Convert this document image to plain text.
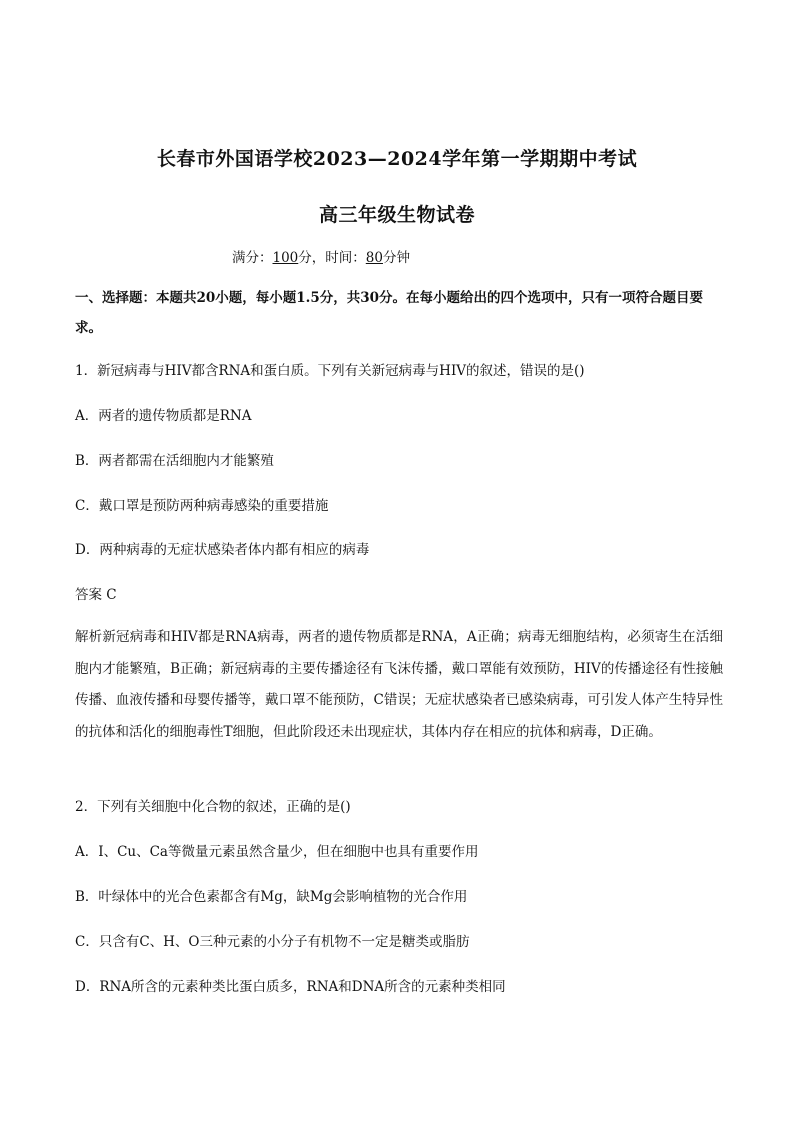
长春市外国语学校2023—2024学年第一学期期中考试
高三年级生物试卷
满分：100分，时间：80分钟
一、选择题：本题共20小题，每小题1.5分，共30分。在每小题给出的四个选项中，只有一项符合题目要求。
1．新冠病毒与HIV都含RNA和蛋白质。下列有关新冠病毒与HIV的叙述，错误的是()
A．两者的遗传物质都是RNA
B．两者都需在活细胞内才能繁殖
C．戴口罩是预防两种病毒感染的重要措施
D．两种病毒的无症状感染者体内都有相应的病毒
答案 C
解析新冠病毒和HIV都是RNA病毒，两者的遗传物质都是RNA，A正确；病毒无细胞结构，必须寄生在活细胞内才能繁殖，B正确；新冠病毒的主要传播途径有飞沫传播，戴口罩能有效预防，HIV的传播途径有性接触传播、血液传播和母婴传播等，戴口罩不能预防，C错误；无症状感染者已感染病毒，可引发人体产生特异性的抗体和活化的细胞毒性T细胞，但此阶段还未出现症状，其体内存在相应的抗体和病毒，D正确。
2．下列有关细胞中化合物的叙述，正确的是()
A．I、Cu、Ca等微量元素虽然含量少，但在细胞中也具有重要作用
B．叶绿体中的光合色素都含有Mg，缺Mg会影响植物的光合作用
C．只含有C、H、O三种元素的小分子有机物不一定是糖类或脂肪
D．RNA所含的元素种类比蛋白质多，RNA和DNA所含的元素种类相同
